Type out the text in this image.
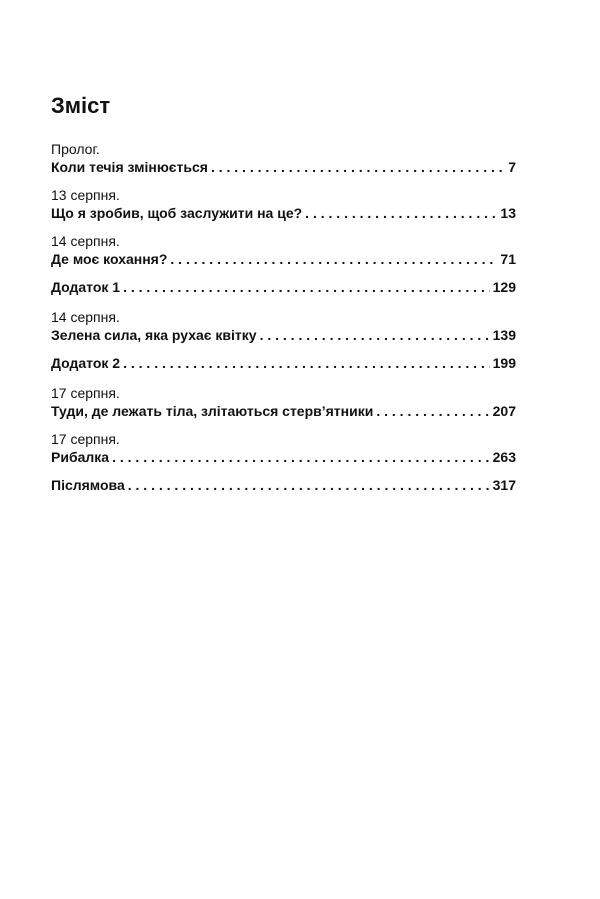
Зміст
Пролог.
Коли течія змінюється . . .	7
13 серпня.
Що я зробив, щоб заслужити на це? . . .	13
14 серпня.
Де моє кохання? . . .	71
Додаток 1 . . .	129
14 серпня.
Зелена сила, яка рухає квітку . . .	139
Додаток 2 . . .	199
17 серпня.
Туди, де лежать тіла, злітаються стерв’ятники . . .	207
17 серпня.
Рибалка . . .	263
Післямова . . .	317
